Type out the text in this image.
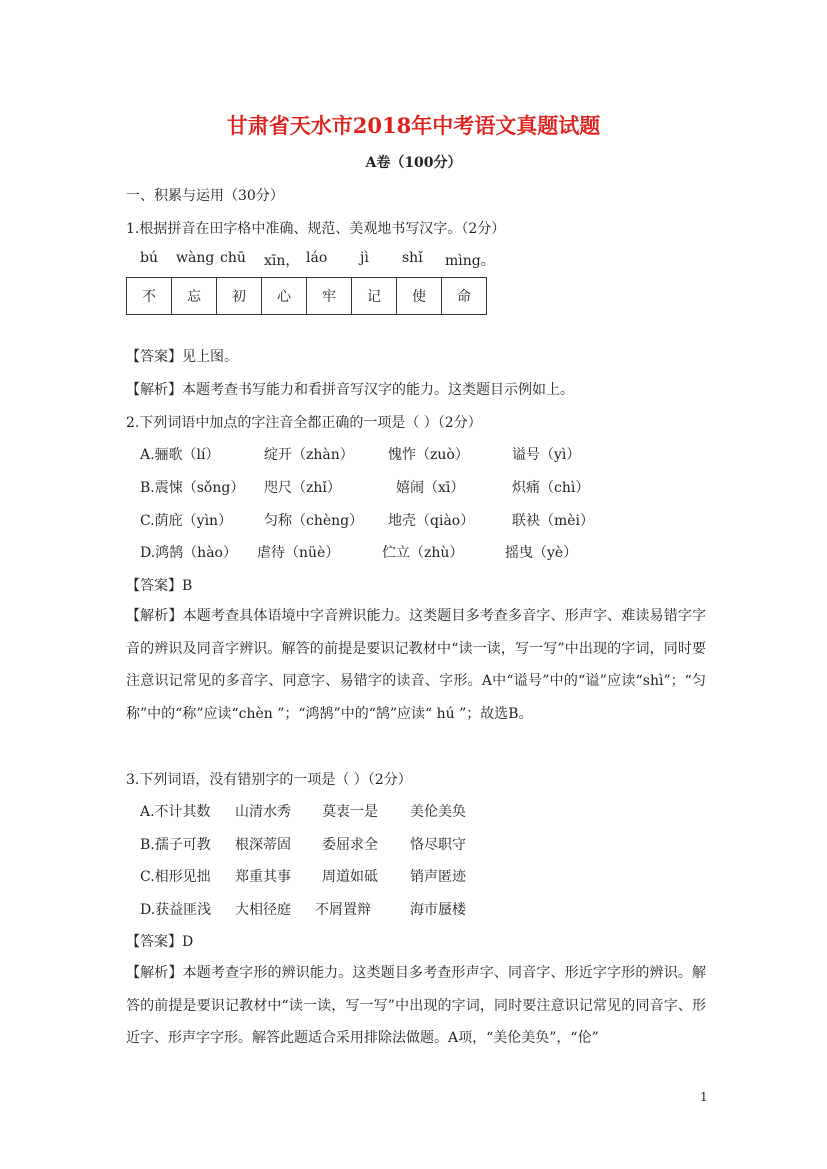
甘肃省天水市2018年中考语文真题试题
A卷（100分）
一、积累与运用（30分）
1.根据拼音在田字格中准确、规范、美观地书写汉字。（2分）
bú wàng chū xīn， láo jì shǐ mìng。
不	忘	初	心	牢	记	使	命
【答案】见上图。
【解析】本题考查书写能力和看拼音写汉字的能力。这类题目示例如上。
2.下列词语中加点的字注音全都正确的一项是（ ）（2分）
A.骊歌（lí）	绽开（zhàn） 愧怍（zuò）	谥号（yì）
B.震悚（sǒng） 咫尺（zhǐ）	嬉闹（xī）	炽痛（chì）
C.荫庇（yìn） 匀称（chèng） 地壳（qiào）	联袂（mèi）
D.鸿鹄（hào） 虐待（nüè）	伫立（zhù）	摇曳（yè）
【答案】B
【解析】本题考查具体语境中字音辨识能力。这类题目多考查多音字、形声字、难读易错字字音的辨识及同音字辨识。解答的前提是要识记教材中“读一读，写一写”中出现的字词，同时要注意识记常见的多音字、同意字、易错字的读音、字形。A中“谥号”中的“谥”应读“shì”；“匀称”中的“称”应读“chèn ”；“鸿鹄”中的“鹄”应读“ hú ”；故选B。
3.下列词语，没有错别字的一项是（ ）（2分）
A.不计其数 山清水秀 莫衷一是 美伦美奂
B.孺子可教 根深蒂固 委屈求全 恪尽职守
C.相形见拙 郑重其事 周道如砥 销声匿迹
D.获益匪浅 大相径庭 不屑置辩	海市蜃楼
【答案】D
【解析】本题考查字形的辨识能力。这类题目多考查形声字、同音字、形近字字形的辨识。解答的前提是要识记教材中“读一读，写一写”中出现的字词，同时要注意识记常见的同音字、形近字、形声字字形。解答此题适合采用排除法做题。A项，“美伦美奂”，“伦”
1
